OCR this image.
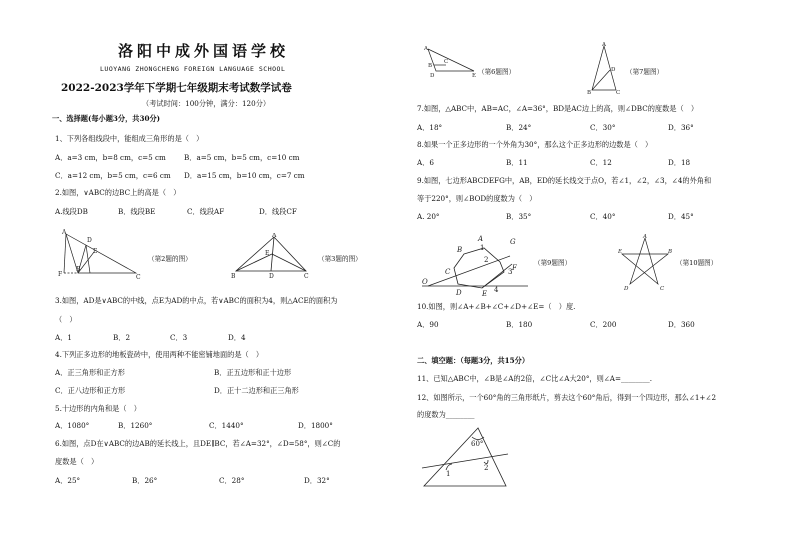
洛阳中成外国语学校
LUOYANG ZHONGCHENG FOREIGN LANGUAGE SCHOOL
2022-2023学年下学期七年级期末考试数学试卷
（考试时间：100分钟，满分：120分）
一、选择题(每小题3分，共30分)
1、下列各组线段中，能组成三角形的是（　）
A．a=3 cm，b=8 cm，c=5 cm	B．a=5 cm，b=5 cm，c=10 cm
C．a=12 cm，b=5 cm，c=6 cm D．a=15 cm，b=10 cm，c=7 cm
2.如图，∨ABC的边BC上的高是（　）
A.线段DB	B．线段BE	C．线段AF	D．线段CF
A
D
E
B
C
F
（第2题的图）
A
E
B	D	C
（第3题的图）
3.如图，AD是∨ABC的中线，点E为AD的中点，若∨ABC的面积为4，则△ACE的面积为
（　）
A．1	B．2	C．3	D．4
4.下列正多边形的地板瓷砖中，使用两种不能密铺地面的是（　）
A．正三角形和正方形	B．正五边形和正十边形
C．正八边形和正方形	D．正十二边形和正三角形
5.十边形的内角和是（　）
A．1080°	B．1260°	C．1440°	D．1800°
6.如图，点D在∨ABC的边AB的延长线上，且DE∥BC，若∠A=32°，∠D=58°，则∠C的
度数是（　）
A．25°	B．26°	C．28°	D．32°
A
B
D
C
E （第6题图）
A
D
B	C
（第7题图）
7.如图，△ABC中，AB=AC，∠A=36°，BD是AC边上的高，则∠DBC的度数是（　）
A．18°	B．24°	C．30°	D．36°
8.如果一个正多边形的一个外角为30°，那么这个正多边形的边数是（　）
A．6	B．11	C．12	D．18
9.如图，七边形ABCDEFG中，AB，ED的延长线交于点O，若∠1，∠2，∠3，∠4的外角和
等于220°，则∠BOD的度数为（　）
A. 20°	B．35°	C．40°	D．45°
B
A	G
C
D	E
F
O
1
2
3
4
（第9题图）
A
E	B
D	C
（第10题图）
10.如图，则∠A+∠B+∠C+∠D+∠E=（　）度.
A．90	B．180	C．200	D．360
二、填空题：（每题3分，共15分）
11、已知△ABC中，∠B是∠A的2倍，∠C比∠A大20°，则∠A=________.
12、如图所示，一个60°角的三角形纸片，剪去这个60°角后，得到一个四边形，那么∠1+∠2
的度数为________
60°
1
2
